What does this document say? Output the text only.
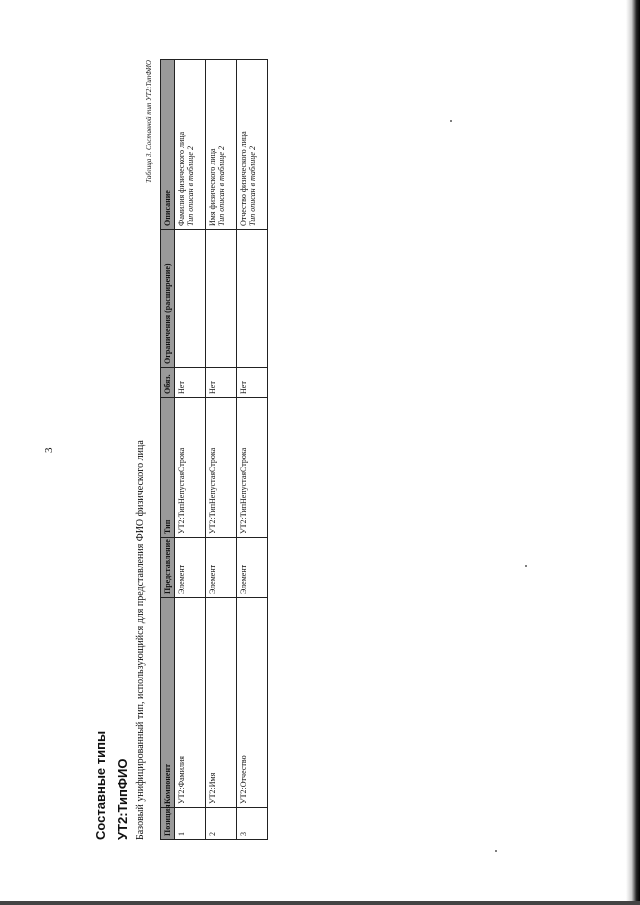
3
Составные типы УТ2:ТипФИО Базовый унифицированный тип, использующийся для представления ФИО физического лица
Таблица 3. Составной тип УТ2:ТипФИО
Позиция	Компонент	Представление	Тип	Обяз.	Ограничения (расширение)	Описание
1	УТ2:Фамилия	Элемент	УТ2:ТипНепустаяСтрока	Нет		Фамилия физического лица Тип описан в таблице 2

2	УТ2:Имя	Элемент	УТ2:ТипНепустаяСтрока	Нет		Имя физического лица Тип описан в таблице 2

3	УТ2:Отчество	Элемент	УТ2:ТипНепустаяСтрока	Нет		Отчество физического лица Тип описан в таблице 2
